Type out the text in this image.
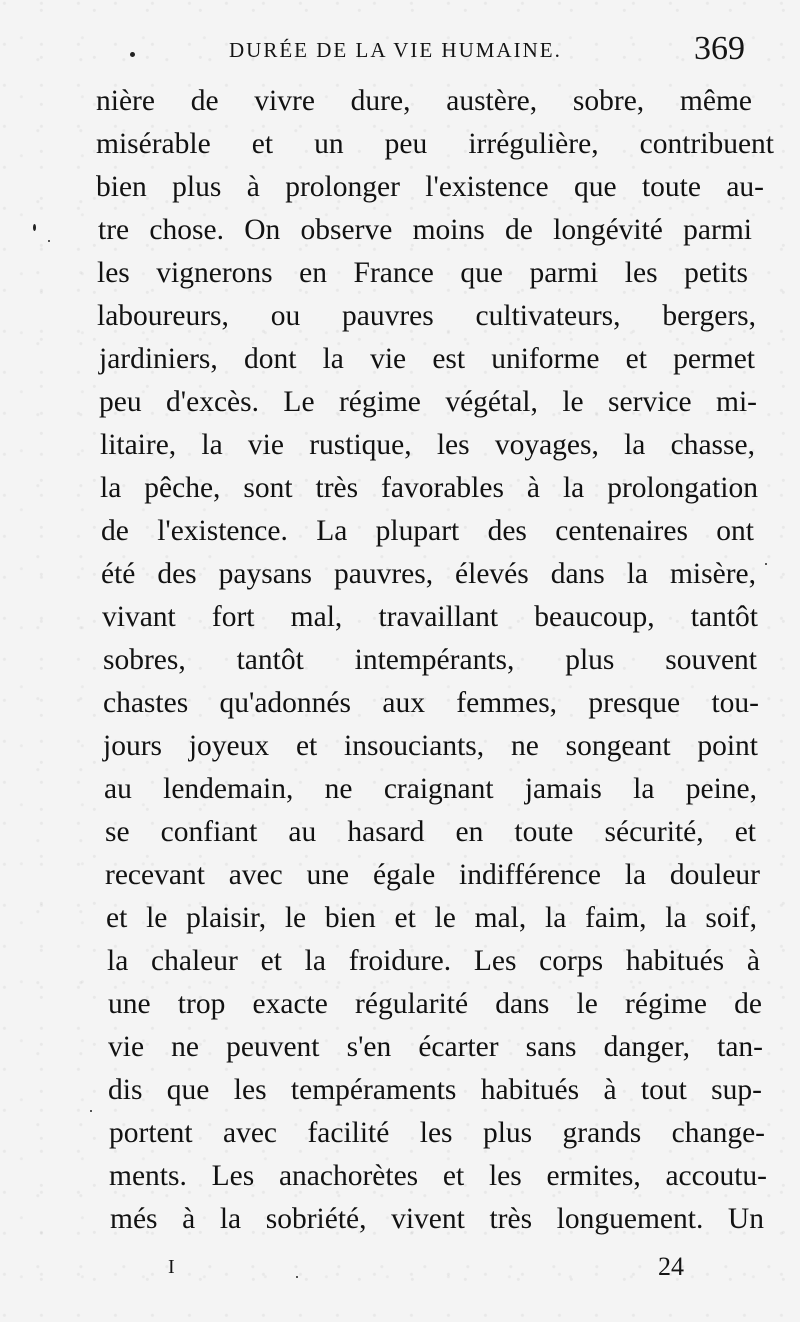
DURÉE DE LA VIE HUMAINE.	369
nière de vivre dure, austère, sobre, même
misérable et un peu irrégulière, contribuent
bien plus à prolonger l'existence que toute au-
tre chose. On observe moins de longévité parmi
les vignerons en France que parmi les petits
laboureurs, ou pauvres cultivateurs, bergers,
jardiniers, dont la vie est uniforme et permet
peu d'excès. Le régime végétal, le service mi-
litaire, la vie rustique, les voyages, la chasse,
la pêche, sont très favorables à la prolongation
de l'existence. La plupart des centenaires ont
été des paysans pauvres, élevés dans la misère,
vivant fort mal, travaillant beaucoup, tantôt
sobres, tantôt intempérants, plus souvent
chastes qu'adonnés aux femmes, presque tou-
jours joyeux et insouciants, ne songeant point
au lendemain, ne craignant jamais la peine,
se confiant au hasard en toute sécurité, et
recevant avec une égale indifférence la douleur
et le plaisir, le bien et le mal, la faim, la soif,
la chaleur et la froidure. Les corps habitués à
une trop exacte régularité dans le régime de
vie ne peuvent s'en écarter sans danger, tan-
dis que les tempéraments habitués à tout sup-
portent avec facilité les plus grands change-
ments. Les anachorètes et les ermites, accoutu-
més à la sobriété, vivent très longuement. Un
I	24
